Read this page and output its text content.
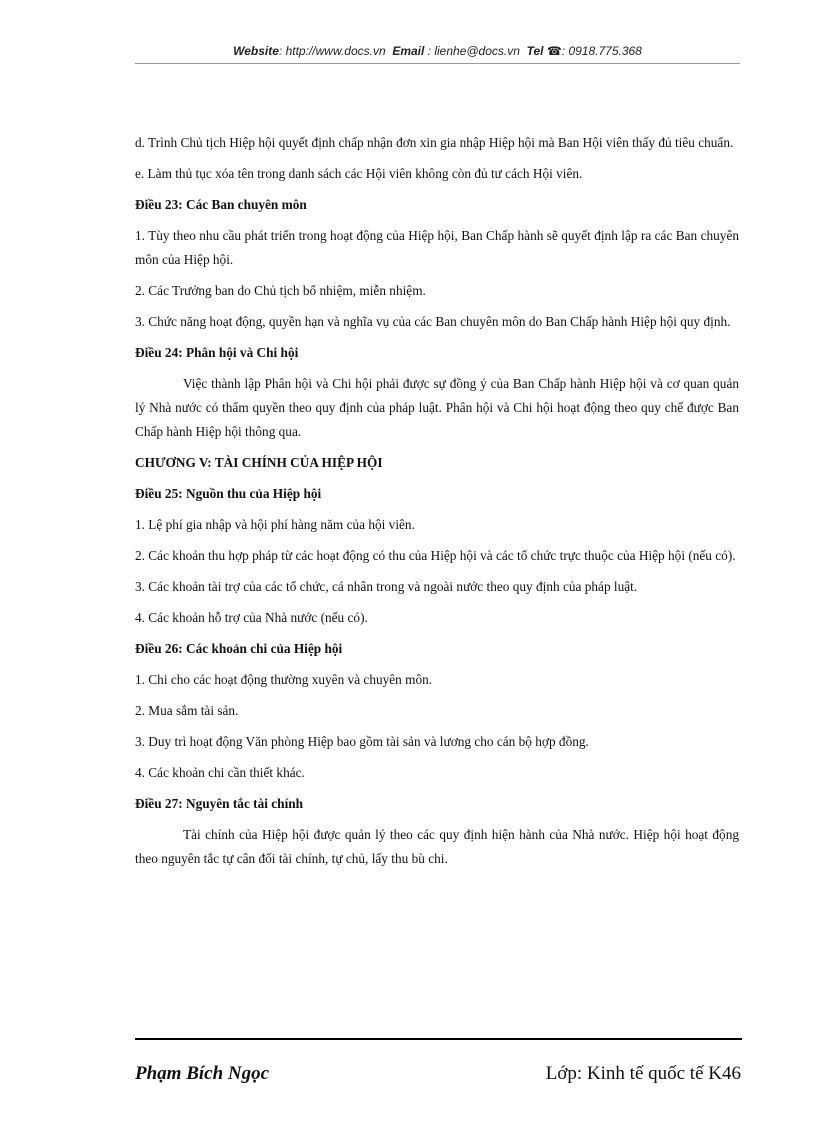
Website: http://www.docs.vn Email : lienhe@docs.vn Tel ☎: 0918.775.368

d. Trình Chủ tịch Hiệp hội quyết định chấp nhận đơn xin gia nhập Hiệp hội mà Ban Hội viên thấy đủ tiêu chuẩn.

e. Làm thủ tục xóa tên trong danh sách các Hội viên không còn đủ tư cách Hội viên.

Điều 23: Các Ban chuyên môn

1. Tùy theo nhu cầu phát triển trong hoạt động của Hiệp hội, Ban Chấp hành sẽ quyết định lập ra các Ban chuyên môn của Hiệp hội.

2. Các Trưởng ban do Chủ tịch bổ nhiệm, miễn nhiệm.

3. Chức năng hoạt động, quyền hạn và nghĩa vụ của các Ban chuyên môn do Ban Chấp hành Hiệp hội quy định.

Điều 24: Phân hội và Chi hội

Việc thành lập Phân hội và Chi hội phải được sự đồng ý của Ban Chấp hành Hiệp hội và cơ quan quản lý Nhà nước có thẩm quyền theo quy định của pháp luật. Phân hội và Chi hội hoạt động theo quy chế được Ban Chấp hành Hiệp hội thông qua.

CHƯƠNG V: TÀI CHÍNH CỦA HIỆP HỘI

Điều 25: Nguồn thu của Hiệp hội

1. Lệ phí gia nhập và hội phí hàng năm của hội viên.

2. Các khoản thu hợp pháp từ các hoạt động có thu của Hiệp hội và các tổ chức trực thuộc của Hiệp hội (nếu có).

3. Các khoản tài trợ của các tổ chức, cá nhân trong và ngoài nước theo quy định của pháp luật.

4. Các khoản hỗ trợ của Nhà nước (nếu có).

Điều 26: Các khoản chi của Hiệp hội

1. Chi cho các hoạt động thường xuyên và chuyên môn.

2. Mua sắm tài sản.

3. Duy trì hoạt động Văn phòng Hiệp bao gồm tài sản và lương cho cán bộ hợp đồng.

4. Các khoản chi cần thiết khác.

Điều 27: Nguyên tắc tài chính

Tài chính của Hiệp hội được quản lý theo các quy định hiện hành của Nhà nước. Hiệp hội hoạt động theo nguyên tắc tự cân đối tài chính, tự chủ, lấy thu bù chi.

Phạm Bích Ngọc	Lớp: Kinh tế quốc tế K46
